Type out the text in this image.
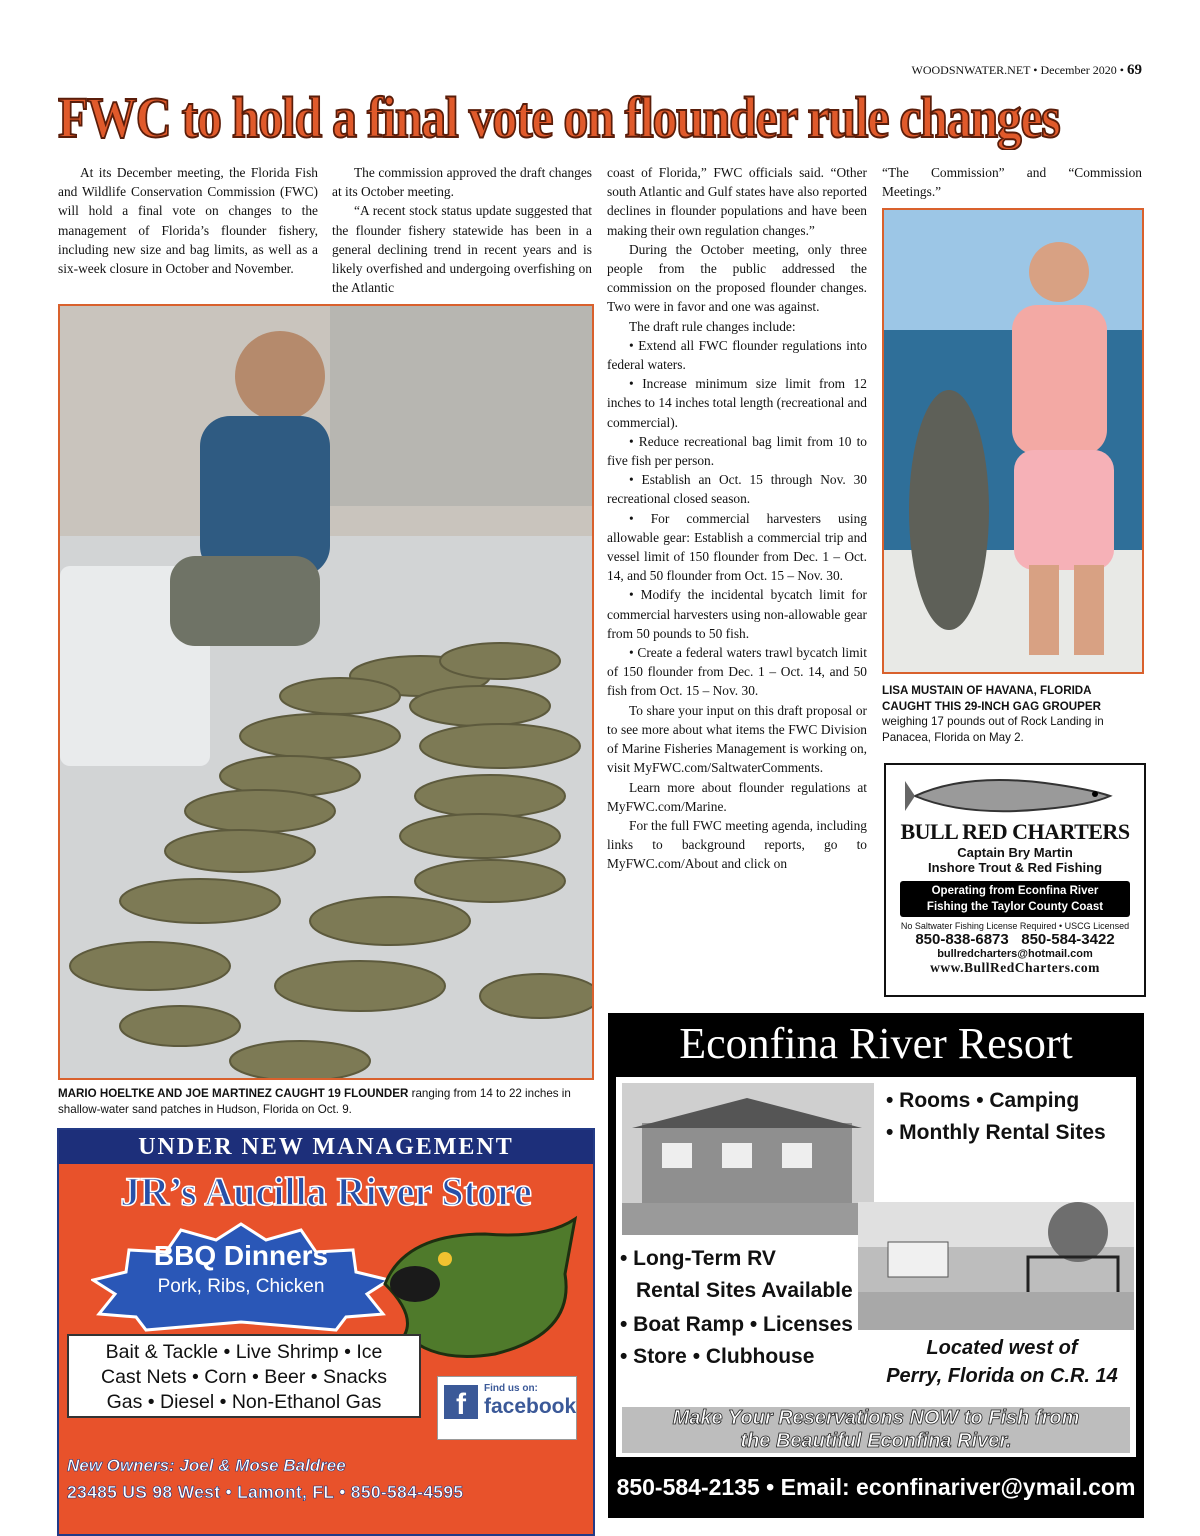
WOODSNWATER.NET • December 2020 • 69
FWC to hold a final vote on flounder rule changes

At its December meeting, the Florida Fish and Wildlife Conservation Commission (FWC) will hold a final vote on changes to the management of Florida’s flounder fishery, including new size and bag limits, as well as a six-week closure in October and November.

The commission approved the draft changes at its October meeting.

“A recent stock status update suggested that the flounder fishery statewide has been in a general declining trend in recent years and is likely overfished and undergoing overfishing on the Atlantic

coast of Florida,” FWC officials said. “Other south Atlantic and Gulf states have also reported declines in flounder populations and have been making their own regulation changes.”

During the October meeting, only three people from the public addressed the commission on the proposed flounder changes. Two were in favor and one was against.

The draft rule changes include:

• Extend all FWC flounder regulations into federal waters.

• Increase minimum size limit from 12 inches to 14 inches total length (recreational and commercial).

• Reduce recreational bag limit from 10 to five fish per person.

• Establish an Oct. 15 through Nov. 30 recreational closed season.

• For commercial harvesters using allowable gear: Establish a commercial trip and vessel limit of 150 flounder from Dec. 1 – Oct. 14, and 50 flounder from Oct. 15 – Nov. 30.

• Modify the incidental bycatch limit for commercial harvesters using non-allowable gear from 50 pounds to 50 fish.

• Create a federal waters trawl bycatch limit of 150 flounder from Dec. 1 – Oct. 14, and 50 fish from Oct. 15 – Nov. 30.

To share your input on this draft proposal or to see more about what items the FWC Division of Marine Fisheries Management is working on, visit MyFWC.com/SaltwaterComments.

Learn more about flounder regulations at MyFWC.com/Marine.

For the full FWC meeting agenda, including links to background reports, go to MyFWC.com/About and click on

“The Commission” and “Commission Meetings.”

MARIO HOELTKE AND JOE MARTINEZ CAUGHT 19 FLOUNDER ranging from 14 to 22 inches in shallow-water sand patches in Hudson, Florida on Oct. 9.
LISA MUSTAIN OF HAVANA, FLORIDA CAUGHT THIS 29-INCH GAG GROUPER weighing 17 pounds out of Rock Landing in Panacea, Florida on May 2.
BULL RED CHARTERS
Captain Bry Martin
Inshore Trout & Red Fishing
Operating from Econfina River
Fishing the Taylor County Coast
No Saltwater Fishing License Required • USCG Licensed
850-838-6873 850-584-3422
bullredcharters@hotmail.com
www.BullRedCharters.com
UNDER NEW MANAGEMENT
JR’s Aucilla River Store
BBQ Dinners
Pork, Ribs, Chicken
Bait & Tackle • Live Shrimp • Ice
Cast Nets • Corn • Beer • Snacks
Gas • Diesel • Non-Ethanol Gas	f	Find us on:
facebook
New Owners: Joel & Mose Baldree
23485 US 98 West • Lamont, FL • 850-584-4595
Econfina River Resort
• Rooms • Camping
• Monthly Rental Sites
• Long-Term RV
Rental Sites Available
• Boat Ramp • Licenses
• Store • Clubhouse	Located west of
Perry, Florida on C.R. 14
Make Your Reservations NOW to Fish from
the Beautiful Econfina River.
850-584-2135 • Email: econfinariver@ymail.com
